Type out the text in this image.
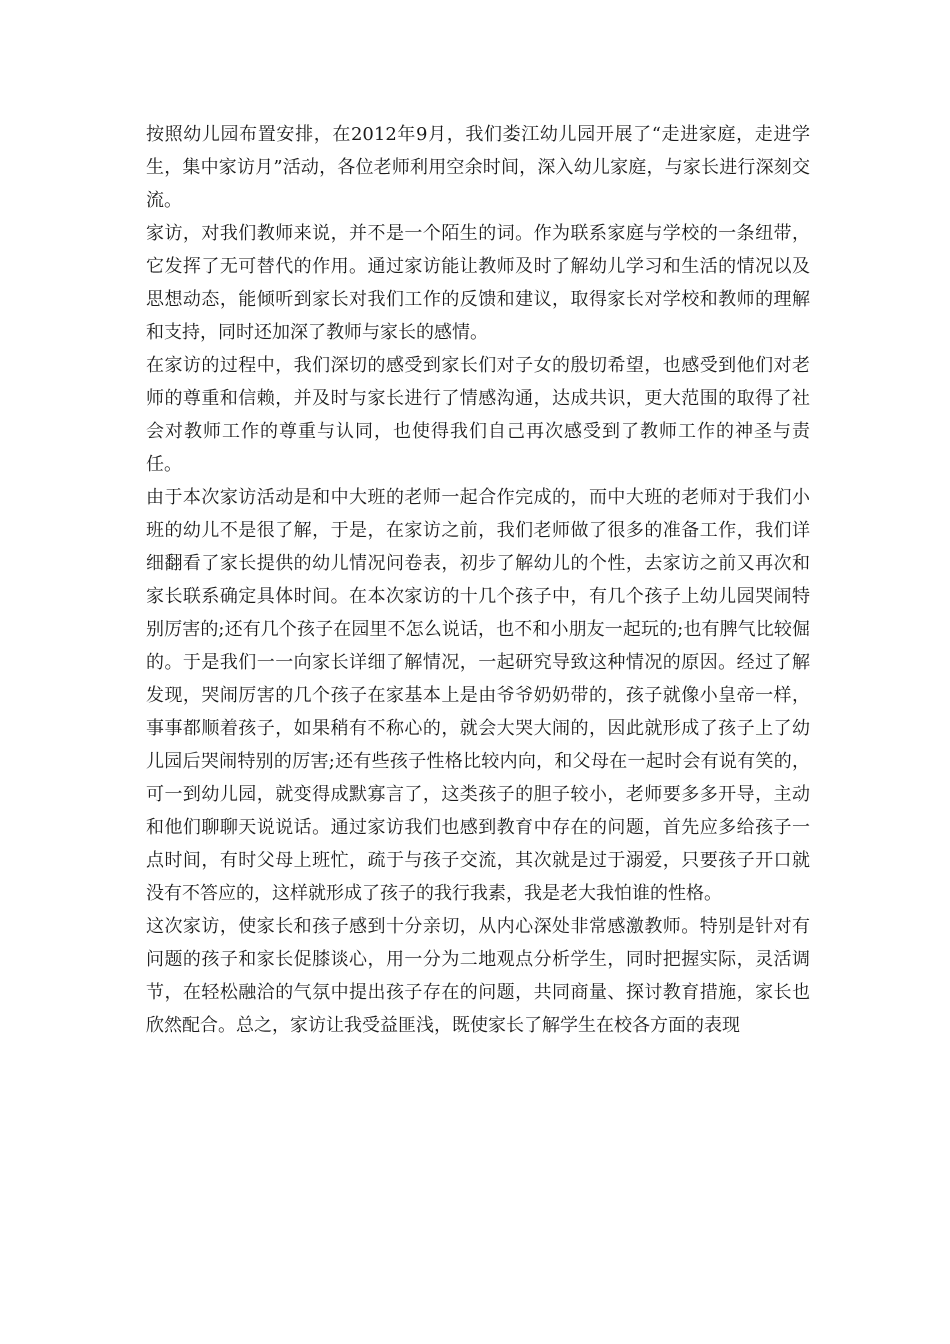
按照幼儿园布置安排，在2012年9月，我们娄江幼儿园开展了“走进家庭，走进学生，集中家访月”活动，各位老师利用空余时间，深入幼儿家庭，与家长进行深刻交流。

家访，对我们教师来说，并不是一个陌生的词。作为联系家庭与学校的一条纽带，它发挥了无可替代的作用。通过家访能让教师及时了解幼儿学习和生活的情况以及思想动态，能倾听到家长对我们工作的反馈和建议，取得家长对学校和教师的理解和支持，同时还加深了教师与家长的感情。

在家访的过程中，我们深切的感受到家长们对子女的殷切希望，也感受到他们对老师的尊重和信赖，并及时与家长进行了情感沟通，达成共识，更大范围的取得了社会对教师工作的尊重与认同，也使得我们自己再次感受到了教师工作的神圣与责任。

由于本次家访活动是和中大班的老师一起合作完成的，而中大班的老师对于我们小班的幼儿不是很了解，于是，在家访之前，我们老师做了很多的准备工作，我们详细翻看了家长提供的幼儿情况问卷表，初步了解幼儿的个性，去家访之前又再次和家长联系确定具体时间。在本次家访的十几个孩子中，有几个孩子上幼儿园哭闹特别厉害的;还有几个孩子在园里不怎么说话，也不和小朋友一起玩的;也有脾气比较倔的。于是我们一一向家长详细了解情况，一起研究导致这种情况的原因。经过了解发现，哭闹厉害的几个孩子在家基本上是由爷爷奶奶带的，孩子就像小皇帝一样，事事都顺着孩子，如果稍有不称心的，就会大哭大闹的，因此就形成了孩子上了幼儿园后哭闹特别的厉害;还有些孩子性格比较内向，和父母在一起时会有说有笑的，可一到幼儿园，就变得成默寡言了，这类孩子的胆子较小，老师要多多开导，主动和他们聊聊天说说话。通过家访我们也感到教育中存在的问题，首先应多给孩子一点时间，有时父母上班忙，疏于与孩子交流，其次就是过于溺爱，只要孩子开口就没有不答应的，这样就形成了孩子的我行我素，我是老大我怕谁的性格。

这次家访，使家长和孩子感到十分亲切，从内心深处非常感激教师。特别是针对有问题的孩子和家长促膝谈心，用一分为二地观点分析学生，同时把握实际，灵活调节，在轻松融洽的气氛中提出孩子存在的问题，共同商量、探讨教育措施，家长也欣然配合。总之，家访让我受益匪浅，既使家长了解学生在校各方面的表现
